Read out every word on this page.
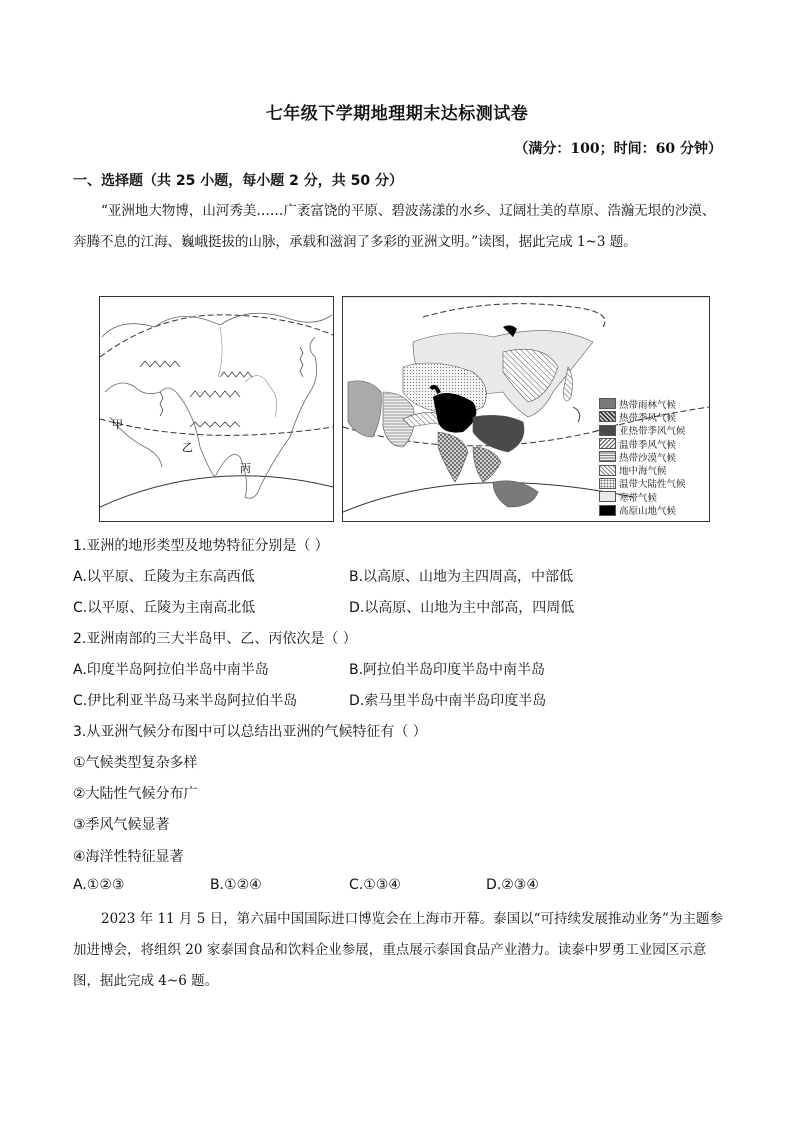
七年级下学期地理期末达标测试卷
（满分：100；时间：60 分钟）
一、选择题（共 25 小题，每小题 2 分，共 50 分）
“亚洲地大物博，山河秀美……广袤富饶的平原、碧波荡漾的水乡、辽阔壮美的草原、浩瀚无垠的沙漠、奔腾不息的江海、巍峨挺拔的山脉，承载和滋润了多彩的亚洲文明。”读图，据此完成 1~3 题。
甲
乙
丙
热带雨林气候
热带季风气候
亚热带季风气候
温带季风气候
热带沙漠气候
地中海气候
温带大陆性气候
寒带气候
高原山地气候
1.亚洲的地形类型及地势特征分别是（ ）
A.以平原、丘陵为主东高西低	B.以高原、山地为主四周高，中部低
C.以平原、丘陵为主南高北低	D.以高原、山地为主中部高，四周低
2.亚洲南部的三大半岛甲、乙、丙依次是（ ）
A.印度半岛阿拉伯半岛中南半岛	B.阿拉伯半岛印度半岛中南半岛
C.伊比利亚半岛马来半岛阿拉伯半岛	D.索马里半岛中南半岛印度半岛
3.从亚洲气候分布图中可以总结出亚洲的气候特征有（ ）
①气候类型复杂多样
②大陆性气候分布广
③季风气候显著
④海洋性特征显著
A.①②③	B.①②④	C.①③④	D.②③④
2023 年 11 月 5 日，第六届中国国际进口博览会在上海市开幕。泰国以“可持续发展推动业务”为主题参加进博会，将组织 20 家泰国食品和饮料企业参展，重点展示泰国食品产业潜力。读泰中罗勇工业园区示意图，据此完成 4~6 题。
